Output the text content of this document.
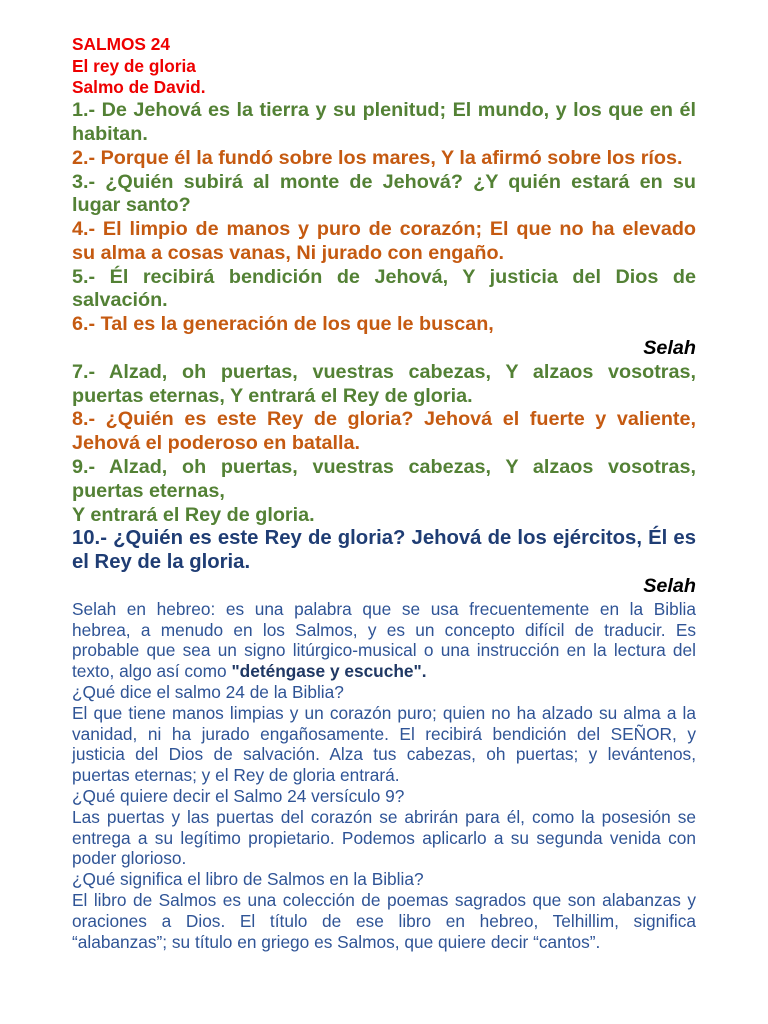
SALMOS 24
El rey de gloria
Salmo de David.
1.- De Jehová es la tierra y su plenitud; El mundo, y los que en él
habitan.
2.- Porque él la fundó sobre los mares, Y la afirmó sobre los ríos.
3.- ¿Quién subirá al monte de Jehová? ¿Y quién estará en su
lugar santo?
4.- El limpio de manos y puro de corazón; El que no ha elevado
su alma a cosas vanas, Ni jurado con engaño.
5.- Él recibirá bendición de Jehová, Y justicia del Dios de
salvación.
6.- Tal es la generación de los que le buscan,
Selah
7.- Alzad, oh puertas, vuestras cabezas, Y alzaos vosotras,
puertas eternas, Y entrará el Rey de gloria.
8.- ¿Quién es este Rey de gloria? Jehová el fuerte y valiente,
Jehová el poderoso en batalla.
9.- Alzad, oh puertas, vuestras cabezas, Y alzaos vosotras,
puertas eternas,
Y entrará el Rey de gloria.
10.- ¿Quién es este Rey de gloria? Jehová de los ejércitos, Él es
el Rey de la gloria.
Selah
Selah en hebreo: es una palabra que se usa frecuentemente en la Biblia
hebrea, a menudo en los Salmos, y es un concepto difícil de traducir. Es
probable que sea un signo litúrgico-musical o una instrucción en la lectura del
texto, algo así como "deténgase y escuche".
¿Qué dice el salmo 24 de la Biblia?
El que tiene manos limpias y un corazón puro; quien no ha alzado su alma a la
vanidad, ni ha jurado engañosamente. El recibirá bendición del SEÑOR, y
justicia del Dios de salvación. Alza tus cabezas, oh puertas; y levántenos,
puertas eternas; y el Rey de gloria entrará.
¿Qué quiere decir el Salmo 24 versículo 9?
Las puertas y las puertas del corazón se abrirán para él, como la posesión se
entrega a su legítimo propietario. Podemos aplicarlo a su segunda venida con
poder glorioso.
¿Qué significa el libro de Salmos en la Biblia?
El libro de Salmos es una colección de poemas sagrados que son alabanzas y
oraciones a Dios. El título de ese libro en hebreo, Telhillim, significa
“alabanzas”; su título en griego es Salmos, que quiere decir “cantos”.
